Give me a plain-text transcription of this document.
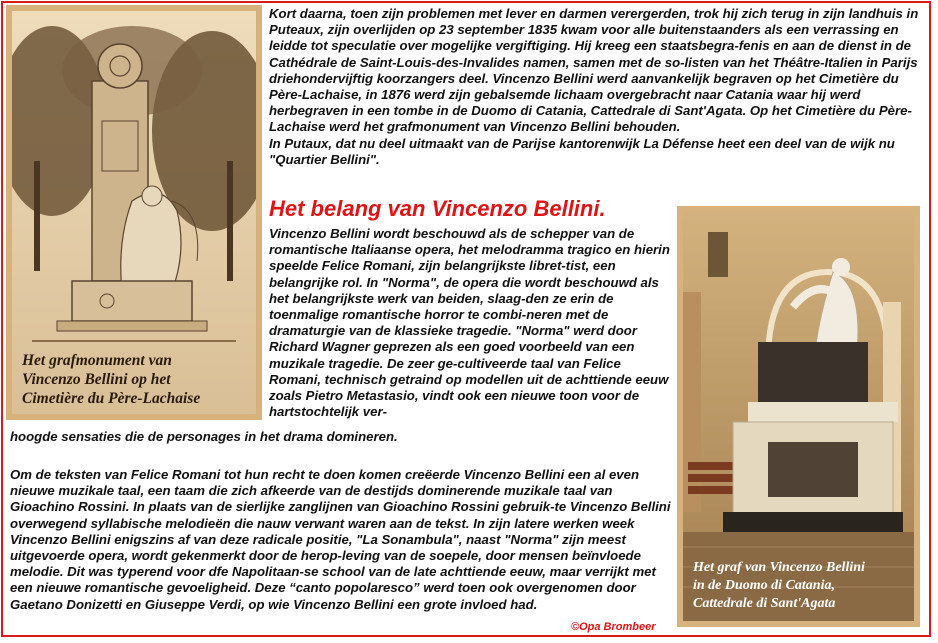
Het grafmonument van
Vincenzo Bellini op het
Cimetière du Père-Lachaise

Kort daarna, toen zijn problemen met lever en darmen verergerden, trok hij zich terug in zijn landhuis in Puteaux, zijn overlijden op 23 september 1835 kwam voor alle buitenstaanders als een verrassing en leidde tot speculatie over mogelijke vergiftiging. Hij kreeg een staatsbegra-fenis en aan de dienst in de Cathédrale de Saint-Louis-des-Invalides namen, samen met de so-listen van het Théâtre-Italien in Parijs driehondervijftig koorzangers deel. Vincenzo Bellini werd aanvankelijk begraven op het Cimetière du Père-Lachaise, in 1876 werd zijn gebalsemde lichaam overgebracht naar Catania waar hij werd herbegraven in een tombe in de Duomo di Catania, Cattedrale di Sant'Agata. Op het Cimetière du Père-Lachaise werd het grafmonument van Vincenzo Bellini behouden.
In Putaux, dat nu deel uitmaakt van de Parijse kantorenwijk La Défense heet een deel van de wijk nu "Quartier Bellini".

Het belang van Vincenzo Bellini.

Vincenzo Bellini wordt beschouwd als de schepper van de romantische Italiaanse opera, het melodramma tragico en hierin speelde Felice Romani, zijn belangrijkste libret-tist, een belangrijke rol. In "Norma", de opera die wordt beschouwd als het belangrijkste werk van beiden, slaag-den ze erin de toenmalige romantische horror te combi-neren met de dramaturgie van de klassieke tragedie. "Norma" werd door Richard Wagner geprezen als een goed voorbeeld van een muzikale tragedie. De zeer ge-cultiveerde taal van Felice Romani, technisch getraind op modellen uit de achttiende eeuw zoals Pietro Metastasio, vindt ook een nieuwe toon voor de hartstochtelijk ver-

hoogde sensaties die de personages in het drama domineren.

Om de teksten van Felice Romani tot hun recht te doen komen creëerde Vincenzo Bellini een al even nieuwe muzikale taal, een taam die zich afkeerde van de destijds dominerende muzikale taal van Gioachino Rossini. In plaats van de sierlijke zanglijnen van Gioachino Rossini gebruik-te Vincenzo Bellini overwegend syllabische melodieën die nauw verwant waren aan de tekst. In zijn latere werken week Vincenzo Bellini enigszins af van deze radicale positie, "La Sonambula", naast "Norma" zijn meest uitgevoerde opera, wordt gekenmerkt door de herop-leving van de soepele, door mensen beïnvloede melodie. Dit was typerend voor dfe Napolitaan-se school van de late achttiende eeuw, maar verrijkt met een nieuwe romantische gevoeligheid. Deze “canto popolaresco” werd toen ook overgenomen door Gaetano Donizetti en Giuseppe Verdi, op wie Vincenzo Bellini een grote invloed had.

Het graf van Vincenzo Bellini
in de Duomo di Catania,
Cattedrale di Sant'Agata

©Opa Brombeer
